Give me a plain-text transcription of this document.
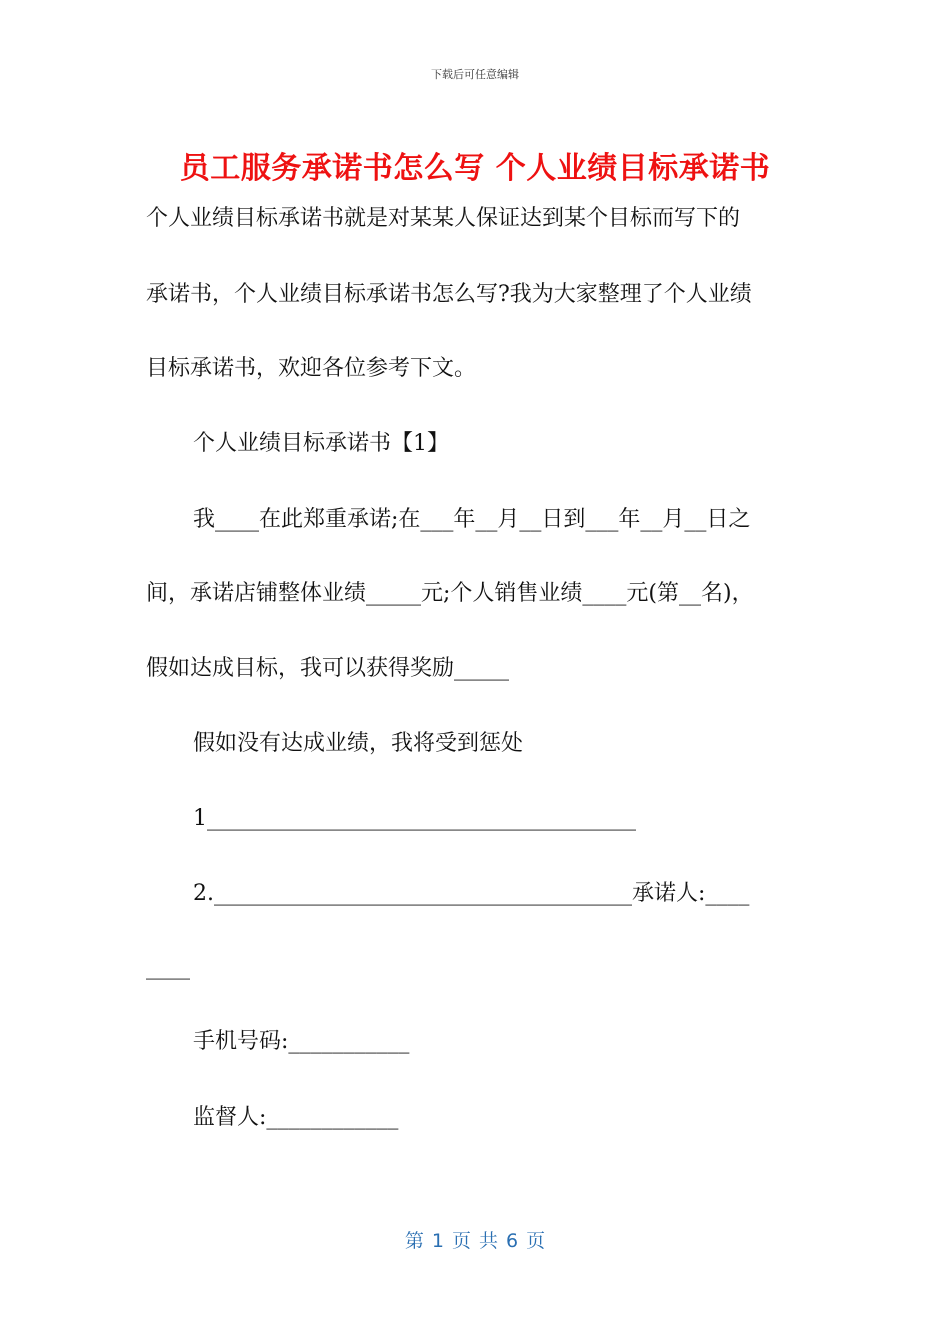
下载后可任意编辑
员工服务承诺书怎么写 个人业绩目标承诺书
个人业绩目标承诺书就是对某某人保证达到某个目标而写下的
承诺书，个人业绩目标承诺书怎么写?我为大家整理了个人业绩
目标承诺书，欢迎各位参考下文。
个人业绩目标承诺书【1】
我____在此郑重承诺;在___年__月__日到___年__月__日之
间，承诺店铺整体业绩_____元;个人销售业绩____元(第__名)，
假如达成目标，我可以获得奖励_____
假如没有达成业绩，我将受到惩处
1_______________________________________
2.______________________________________承诺人:____
____
手机号码:___________
监督人:____________
第 1 页 共 6 页
